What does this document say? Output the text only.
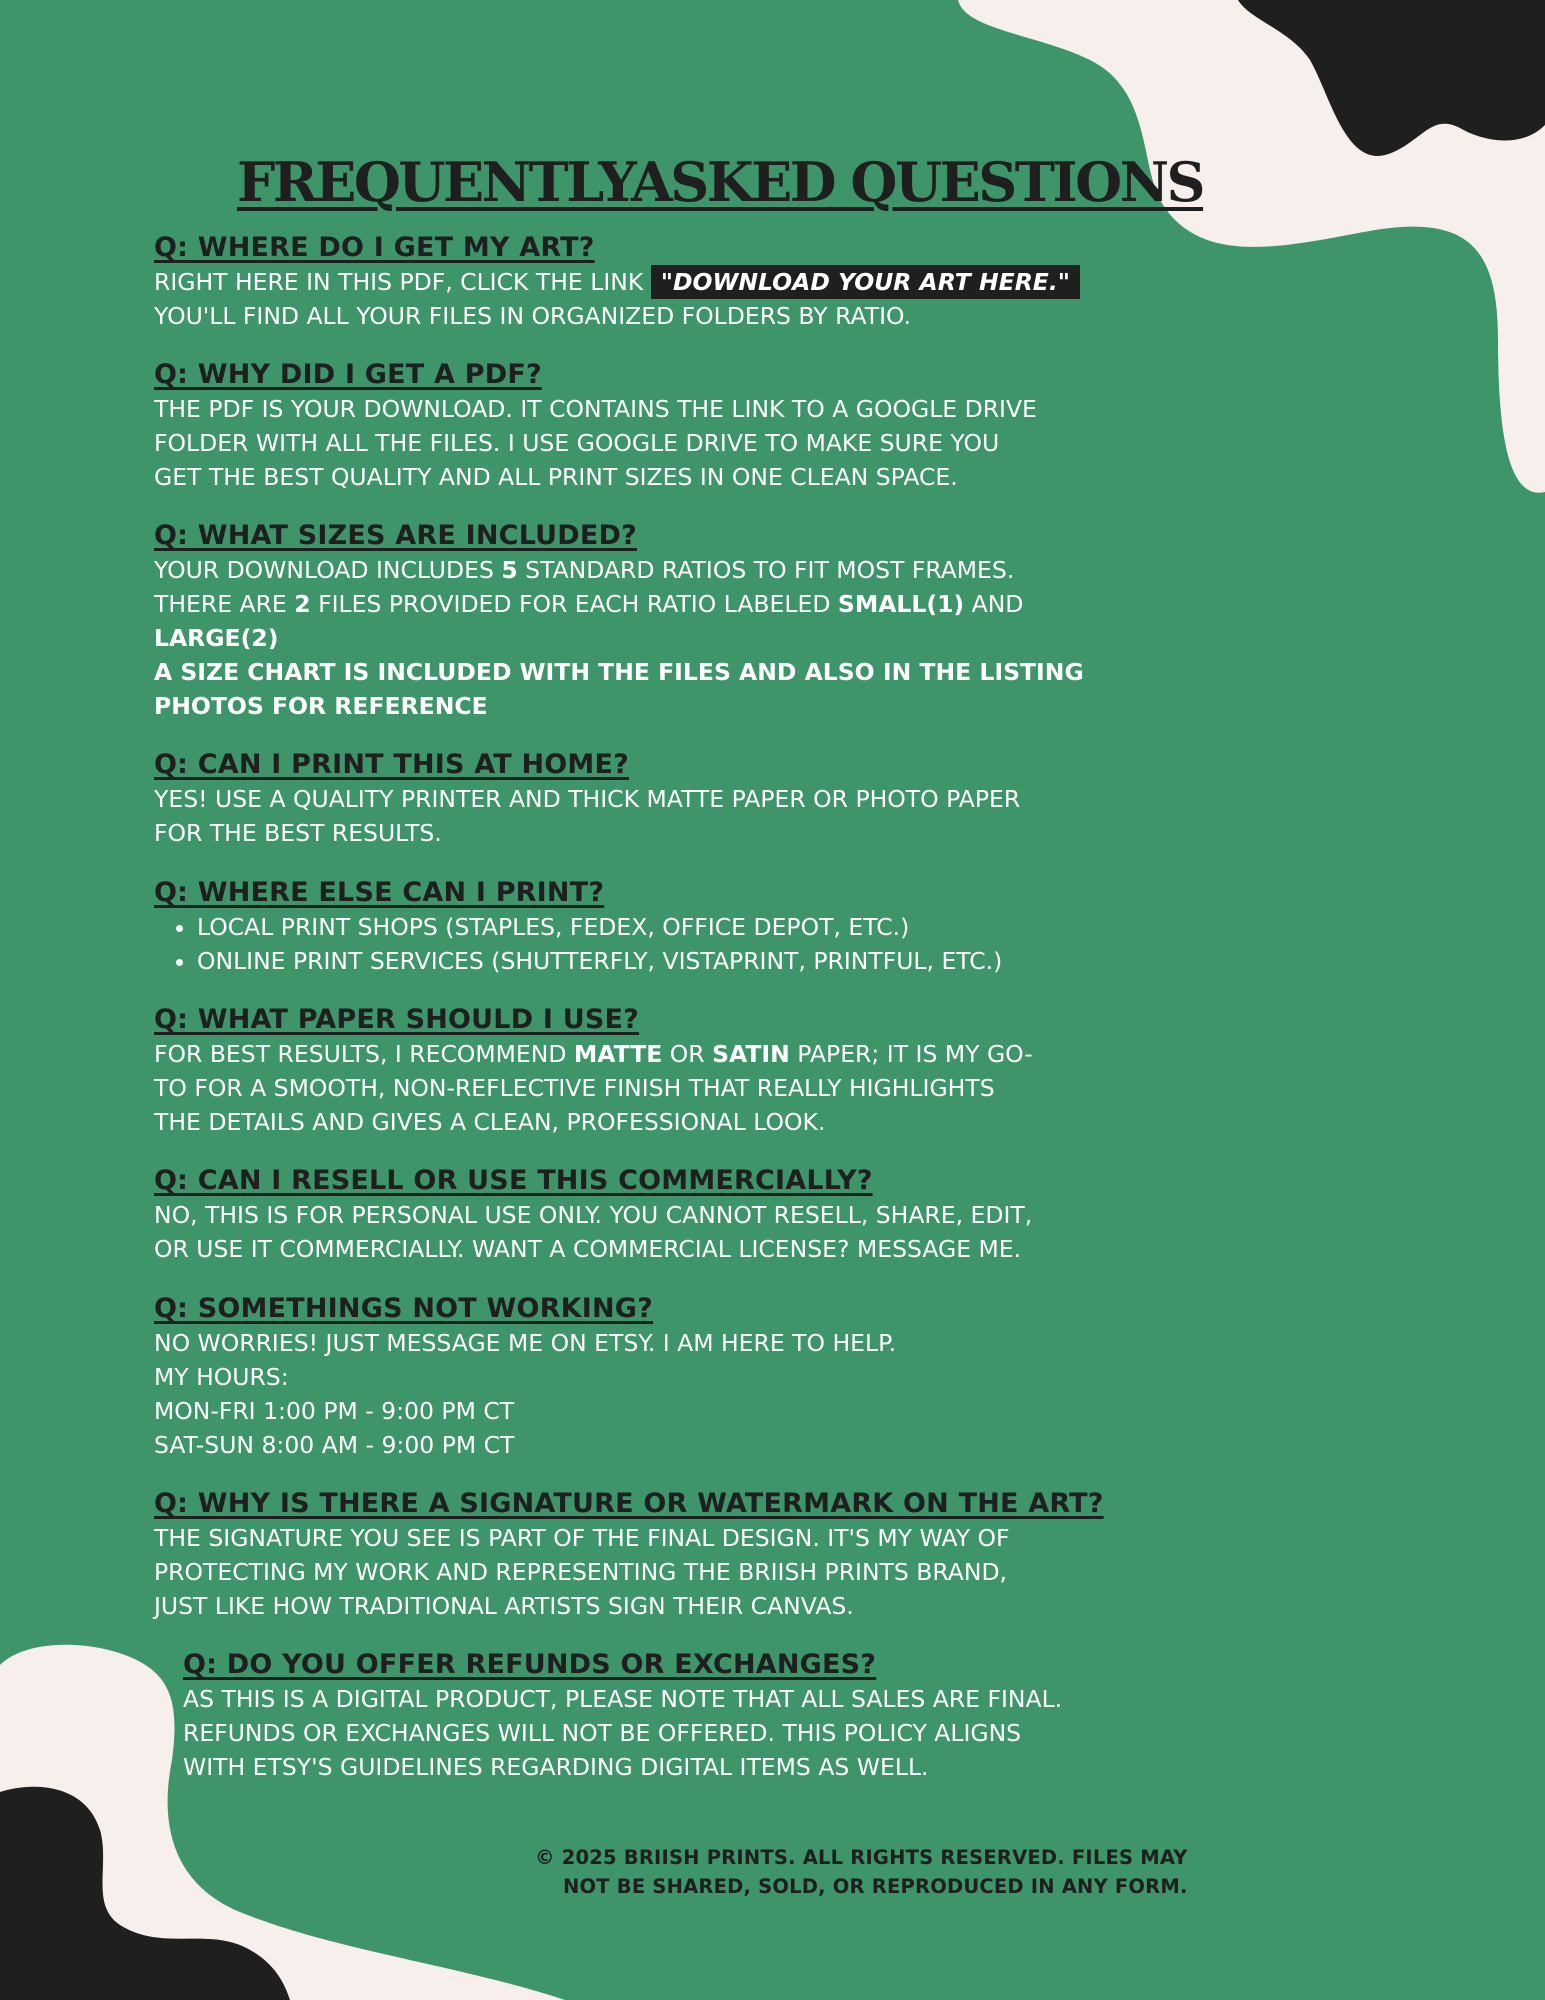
FREQUENTLYASKED QUESTIONS

Q: WHERE DO I GET MY ART?

RIGHT HERE IN THIS PDF, CLICK THE LINK "DOWNLOAD YOUR ART HERE."

YOU'LL FIND ALL YOUR FILES IN ORGANIZED FOLDERS BY RATIO.

Q: WHY DID I GET A PDF?

THE PDF IS YOUR DOWNLOAD. IT CONTAINS THE LINK TO A GOOGLE DRIVE

FOLDER WITH ALL THE FILES. I USE GOOGLE DRIVE TO MAKE SURE YOU

GET THE BEST QUALITY AND ALL PRINT SIZES IN ONE CLEAN SPACE.

Q: WHAT SIZES ARE INCLUDED?

YOUR DOWNLOAD INCLUDES 5 STANDARD RATIOS TO FIT MOST FRAMES.

THERE ARE 2 FILES PROVIDED FOR EACH RATIO LABELED SMALL(1) AND

LARGE(2)

A SIZE CHART IS INCLUDED WITH THE FILES AND ALSO IN THE LISTING

PHOTOS FOR REFERENCE

Q: CAN I PRINT THIS AT HOME?

YES! USE A QUALITY PRINTER AND THICK MATTE PAPER OR PHOTO PAPER

FOR THE BEST RESULTS.

Q: WHERE ELSE CAN I PRINT?

• LOCAL PRINT SHOPS (STAPLES, FEDEX, OFFICE DEPOT, ETC.)
• ONLINE PRINT SERVICES (SHUTTERFLY, VISTAPRINT, PRINTFUL, ETC.)

Q: WHAT PAPER SHOULD I USE?

FOR BEST RESULTS, I RECOMMEND MATTE OR SATIN PAPER; IT IS MY GO-

TO FOR A SMOOTH, NON-REFLECTIVE FINISH THAT REALLY HIGHLIGHTS

THE DETAILS AND GIVES A CLEAN, PROFESSIONAL LOOK.

Q: CAN I RESELL OR USE THIS COMMERCIALLY?

NO, THIS IS FOR PERSONAL USE ONLY. YOU CANNOT RESELL, SHARE, EDIT,

OR USE IT COMMERCIALLY. WANT A COMMERCIAL LICENSE? MESSAGE ME.

Q: SOMETHINGS NOT WORKING?

NO WORRIES! JUST MESSAGE ME ON ETSY. I AM HERE TO HELP.

MY HOURS:

MON-FRI 1:00 PM - 9:00 PM CT

SAT-SUN 8:00 AM - 9:00 PM CT

Q: WHY IS THERE A SIGNATURE OR WATERMARK ON THE ART?

THE SIGNATURE YOU SEE IS PART OF THE FINAL DESIGN. IT'S MY WAY OF

PROTECTING MY WORK AND REPRESENTING THE BRIISH PRINTS BRAND,

JUST LIKE HOW TRADITIONAL ARTISTS SIGN THEIR CANVAS.

Q: DO YOU OFFER REFUNDS OR EXCHANGES?

AS THIS IS A DIGITAL PRODUCT, PLEASE NOTE THAT ALL SALES ARE FINAL.

REFUNDS OR EXCHANGES WILL NOT BE OFFERED. THIS POLICY ALIGNS

WITH ETSY'S GUIDELINES REGARDING DIGITAL ITEMS AS WELL.

© 2025 BRIISH PRINTS. ALL RIGHTS RESERVED. FILES MAY
NOT BE SHARED, SOLD, OR REPRODUCED IN ANY FORM.
